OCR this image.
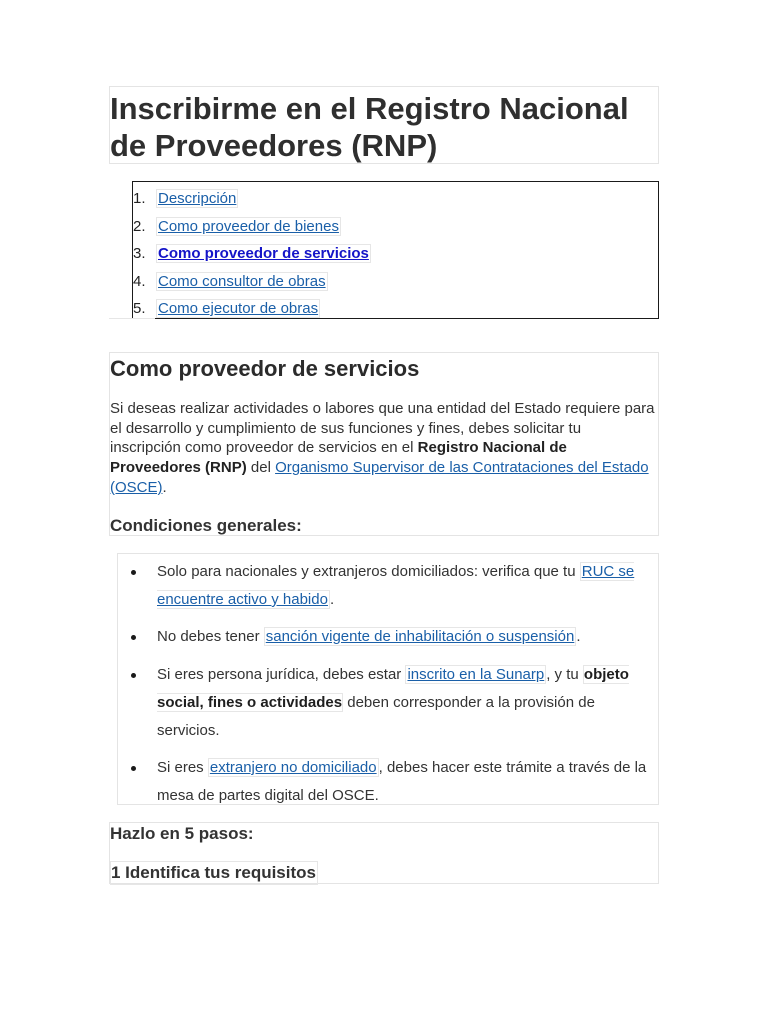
Inscribirme en el Registro Nacional de Proveedores (RNP)
1. Descripción
2. Como proveedor de bienes
3. Como proveedor de servicios
4. Como consultor de obras
5. Como ejecutor de obras
Como proveedor de servicios

Si deseas realizar actividades o labores que una entidad del Estado requiere para el desarrollo y cumplimiento de sus funciones y fines, debes solicitar tu inscripción como proveedor de servicios en el Registro Nacional de Proveedores (RNP) del Organismo Supervisor de las Contrataciones del Estado (OSCE).

Condiciones generales:
Solo para nacionales y extranjeros domiciliados: verifica que tu RUC se encuentre activo y habido .
No debes tener sanción vigente de inhabilitación o suspensión .
Si eres persona jurídica, debes estar inscrito en la Sunarp , y tu objeto social, fines o actividades deben corresponder a la provisión de servicios.
Si eres extranjero no domiciliado , debes hacer este trámite a través de la mesa de partes digital del OSCE.
Hazlo en 5 pasos:
1 Identifica tus requisitos
